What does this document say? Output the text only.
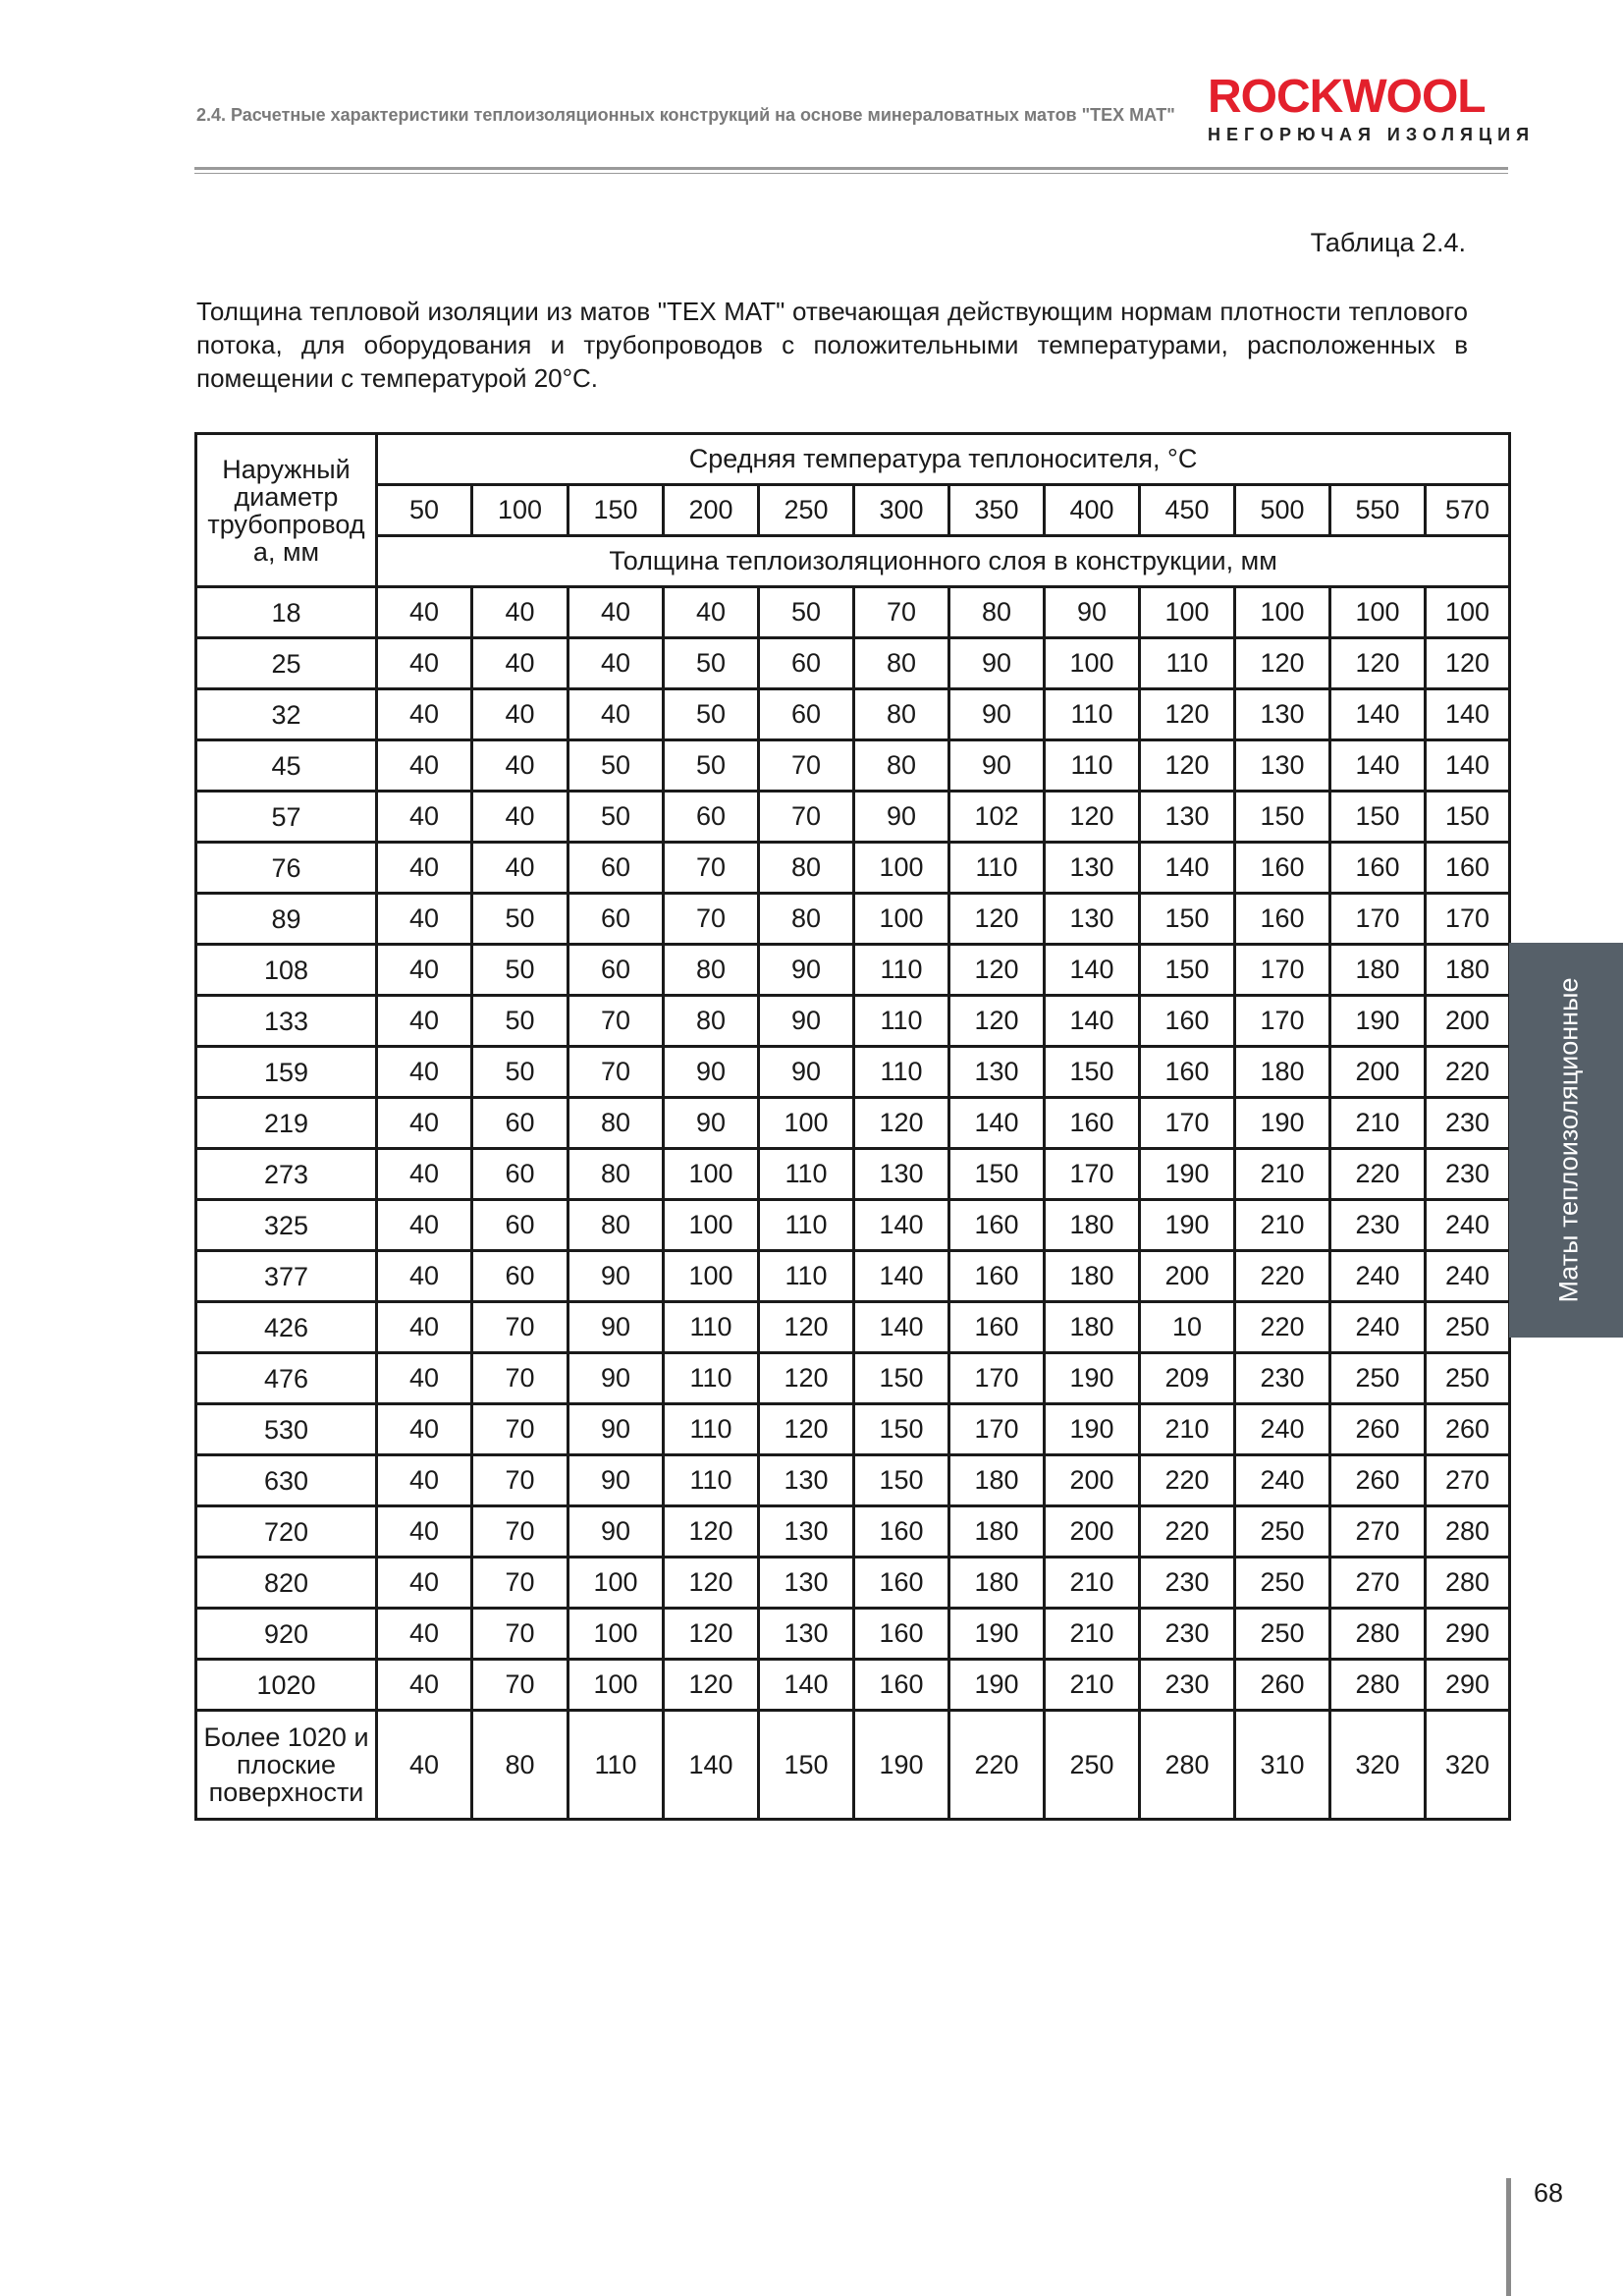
2.4. Расчетные характеристики теплоизоляционных конструкций на основе минераловатных матов "ТЕХ МАТ" ROCKWOOL
НЕГОРЮЧАЯ ИЗОЛЯЦИЯ
Таблица 2.4.
Толщина тепловой изоляции из матов "ТЕХ МАТ" отвечающая действующим нормам плотности теплового потока, для оборудования и трубопроводов с положительными температурами, расположенных в помещении с температурой 20°С.
Наружный диаметр трубопровод а, мм	Средняя температура теплоносителя, °С											
	50	100	150	200	250	300	350	400	450	500	550	570
	Толщина теплоизоляционного слоя в конструкции, мм											
18	40	40	40	40	50	70	80	90	100	100	100	100
25	40	40	40	50	60	80	90	100	110	120	120	120
32	40	40	40	50	60	80	90	110	120	130	140	140
45	40	40	50	50	70	80	90	110	120	130	140	140
57	40	40	50	60	70	90	102	120	130	150	150	150
76	40	40	60	70	80	100	110	130	140	160	160	160
89	40	50	60	70	80	100	120	130	150	160	170	170
108	40	50	60	80	90	110	120	140	150	170	180	180
133	40	50	70	80	90	110	120	140	160	170	190	200
159	40	50	70	90	90	110	130	150	160	180	200	220
219	40	60	80	90	100	120	140	160	170	190	210	230
273	40	60	80	100	110	130	150	170	190	210	220	230
325	40	60	80	100	110	140	160	180	190	210	230	240
377	40	60	90	100	110	140	160	180	200	220	240	240
426	40	70	90	110	120	140	160	180	10	220	240	250
476	40	70	90	110	120	150	170	190	209	230	250	250
530	40	70	90	110	120	150	170	190	210	240	260	260
630	40	70	90	110	130	150	180	200	220	240	260	270
720	40	70	90	120	130	160	180	200	220	250	270	280
820	40	70	100	120	130	160	180	210	230	250	270	280
920	40	70	100	120	130	160	190	210	230	250	280	290
1020	40	70	100	120	140	160	190	210	230	260	280	290
Более 1020 и плоские поверхности	40	80	110	140	150	190	220	250	280	310	320	320
Маты теплоизоляционные
68
